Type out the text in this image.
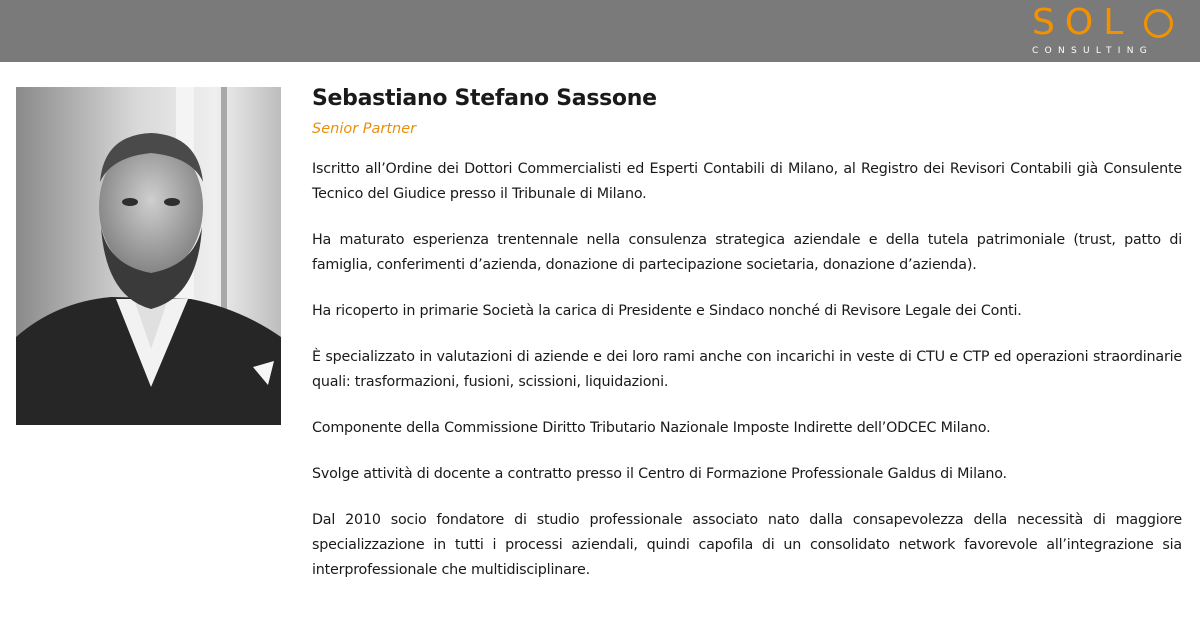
SOL
CONSULTING
Sebastiano Stefano Sassone
Senior Partner

Iscritto all’Ordine dei Dottori Commercialisti ed Esperti Contabili di Milano, al Registro dei Revisori Contabili già Consulente Tecnico del Giudice presso il Tribunale di Milano.

Ha maturato esperienza trentennale nella consulenza strategica aziendale e della tutela patrimoniale (trust, patto di famiglia, conferimenti d’azienda, donazione di partecipazione societaria, donazione d’azienda).

Ha ricoperto in primarie Società la carica di Presidente e Sindaco nonché di Revisore Legale dei Conti.

È specializzato in valutazioni di aziende e dei loro rami anche con incarichi in veste di CTU e CTP ed operazioni straordinarie quali: trasformazioni, fusioni, scissioni, liquidazioni.

Componente della Commissione Diritto Tributario Nazionale Imposte Indirette dell’ODCEC Milano.

Svolge attività di docente a contratto presso il Centro di Formazione Professionale Galdus di Milano.

Dal 2010 socio fondatore di studio professionale associato nato dalla consapevolezza della necessità di maggiore specializzazione in tutti i processi aziendali, quindi capofila di un consolidato network favorevole all’integrazione sia interprofessionale che multidisciplinare.
